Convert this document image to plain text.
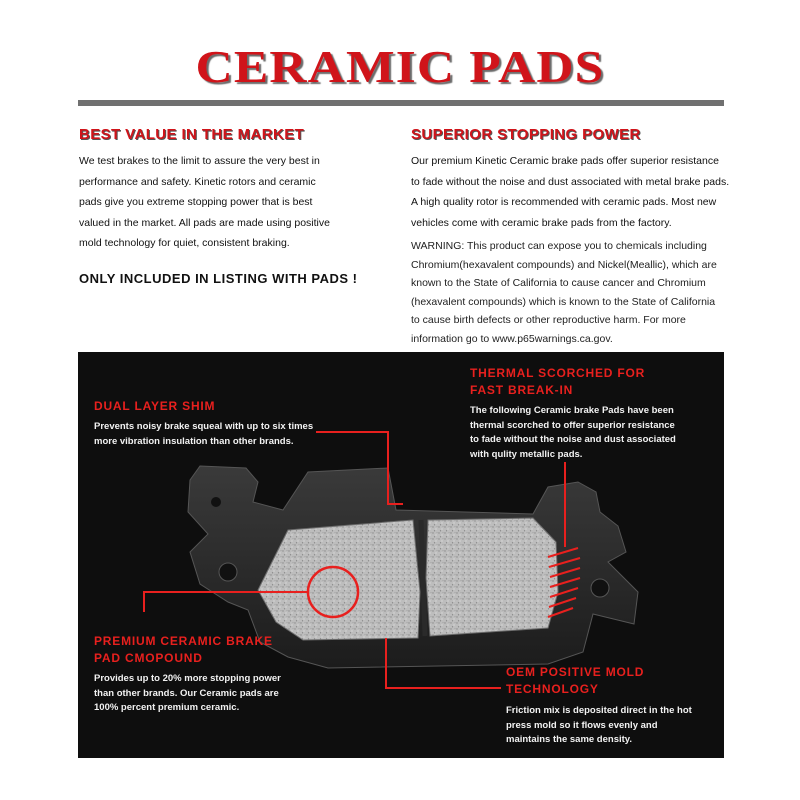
CERAMIC PADS
BEST VALUE IN THE MARKET
We test brakes to the limit to assure the very best in
performance and safety. Kinetic rotors and ceramic
pads give you extreme stopping power that is best
valued in the market. All pads are made using positive
mold technology for quiet, consistent braking.
ONLY INCLUDED IN LISTING WITH PADS !
SUPERIOR STOPPING POWER
Our premium Kinetic Ceramic brake pads offer superior resistance
to fade without the noise and dust associated with metal brake pads.
A high quality rotor is recommended with ceramic pads. Most new
vehicles come with ceramic brake pads from the factory.
WARNING: This product can expose you to chemicals including
Chromium(hexavalent compounds) and Nickel(Meallic), which are
known to the State of California to cause cancer and Chromium
(hexavalent compounds) which is known to the State of California
to cause birth defects or other reproductive harm. For more
information go to www.p65warnings.ca.gov.
DUAL LAYER SHIM
Prevents noisy brake squeal with up to six times
more vibration insulation than other brands.
THERMAL SCORCHED FOR
FAST BREAK-IN
The following Ceramic brake Pads have been
thermal scorched to offer superior resistance
to fade without the noise and dust associated
with qulity metallic pads.
PREMIUM CERAMIC BRAKE
PAD CMOPOUND
Provides up to 20% more stopping power
than other brands. Our Ceramic pads are
100% percent premium ceramic.
OEM POSITIVE MOLD
TECHNOLOGY
Friction mix is deposited direct in the hot
press mold so it flows evenly and
maintains the same density.
